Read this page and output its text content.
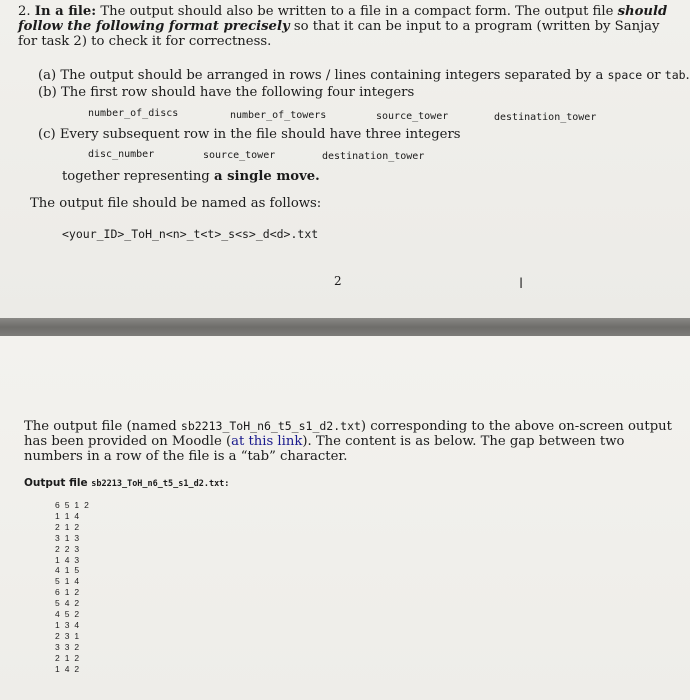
2. In a file: The output should also be written to a file in a compact form. The output file should follow the following format precisely so that it can be input to a program (written by Sanjay for task 2) to check it for correctness.
(a) The output should be arranged in rows / lines containing integers separated by a space or tab.
(b) The first row should have the following four integers
number_of_discs	number_of_towers	source_tower	destination_tower
(c) Every subsequent row in the file should have three integers
disc_number	source_tower	destination_tower
together representing a single move.
The output file should be named as follows:
<your_ID>_ToH_n<n>_t<t>_s<s>_d<d>.txt
2	I
The output file (named sb2213_ToH_n6_t5_s1_d2.txt) corresponding to the above on-screen output has been provided on Moodle (at this link). The content is as below. The gap between two numbers in a row of the file is a “tab” character.
Output file sb2213_ToH_n6_t5_s1_d2.txt:
6 5 1 2
1 1 4
2 1 2
3 1 3
2 2 3
1 4 3
4 1 5
5 1 4
6 1 2
5 4 2
4 5 2
1 3 4
2 3 1
3 3 2
2 1 2
1 4 2
